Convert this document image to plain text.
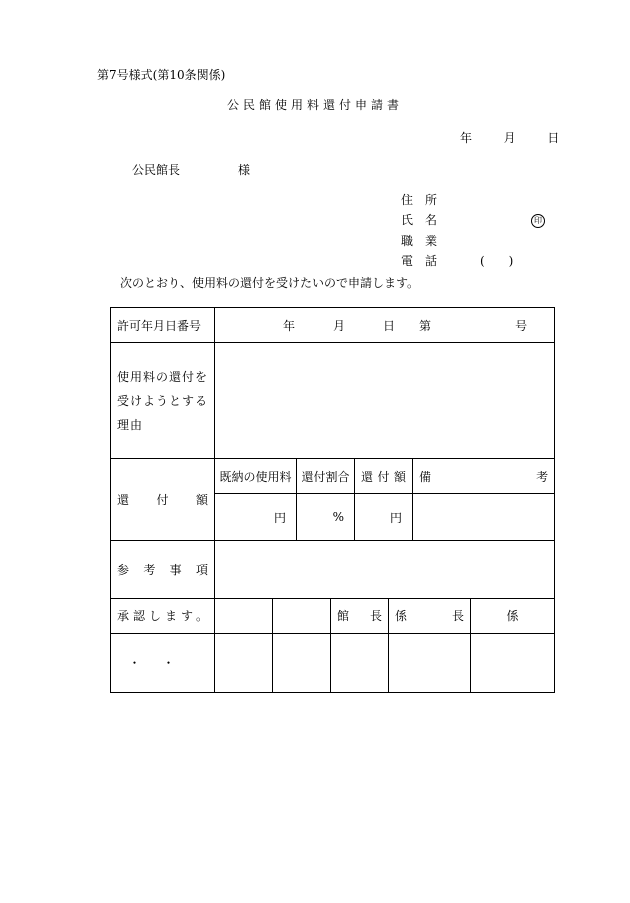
第7号様式(第10条関係)
公民館使用料還付申請書
年	月	日
公民館長	様
住　所
氏　名	印
職　業
電　話	(　　)
次のとおり、使用料の還付を受けたいので申請します。
許可年月日番号	年 月 日 第 号							

使用料の還付を
受けようとする
理由								

還 付 額	既納の使用料		還付割合		還 付 額		備 考	

	円		%		円			

参 考 事 項								

承認します。				館 長		係 長		係
・・								
